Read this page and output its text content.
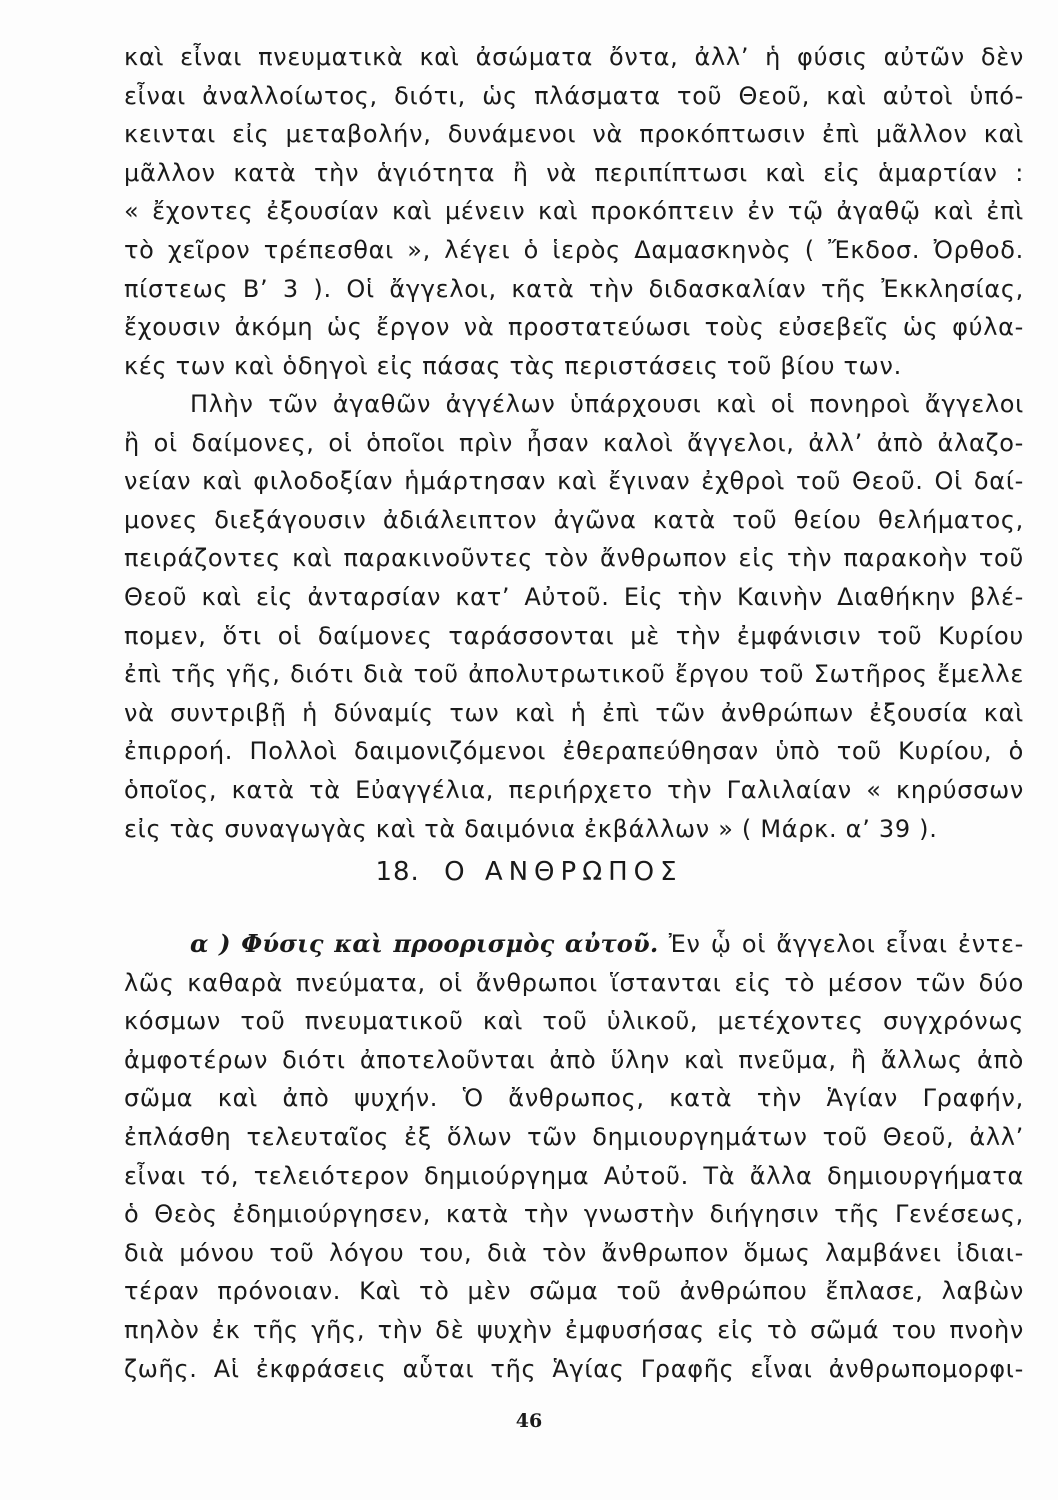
καὶ εἶναι πνευματικὰ καὶ ἀσώματα ὄντα, ἀλλ’ ἡ φύσις αὐτῶν δὲν
εἶναι ἀναλλοίωτος, διότι, ὡς πλάσματα τοῦ Θεοῦ, καὶ αὐτοὶ ὑπό-
κεινται εἰς μεταβολήν, δυνάμενοι νὰ προκόπτωσιν ἐπὶ μᾶλλον καὶ
μᾶλλον κατὰ τὴν ἁγιότητα ἢ νὰ περιπίπτωσι καὶ εἰς ἁμαρτίαν :
« ἔχοντες ἐξουσίαν καὶ μένειν καὶ προκόπτειν ἐν τῷ ἀγαθῷ καὶ ἐπὶ
τὸ χεῖρον τρέπεσθαι », λέγει ὁ ἱερὸς Δαμασκηνὸς ( Ἔκδοσ. Ὀρθοδ.
πίστεως Β’ 3 ). Οἱ ἄγγελοι, κατὰ τὴν διδασκαλίαν τῆς Ἐκκλησίας,
ἔχουσιν ἀκόμη ὡς ἔργον νὰ προστατεύωσι τοὺς εὐσεβεῖς ὡς φύλα-
κές των καὶ ὁδηγοὶ εἰς πάσας τὰς περιστάσεις τοῦ βίου των.
Πλὴν τῶν ἀγαθῶν ἀγγέλων ὑπάρχουσι καὶ οἱ πονηροὶ ἄγγελοι
ἢ οἱ δαίμονες, οἱ ὁποῖοι πρὶν ἦσαν καλοὶ ἄγγελοι, ἀλλ’ ἀπὸ ἀλαζο-
νείαν καὶ φιλοδοξίαν ἡμάρτησαν καὶ ἔγιναν ἐχθροὶ τοῦ Θεοῦ. Οἱ δαί-
μονες διεξάγουσιν ἀδιάλειπτον ἀγῶνα κατὰ τοῦ θείου θελήματος,
πειράζοντες καὶ παρακινοῦντες τὸν ἄνθρωπον εἰς τὴν παρακοὴν τοῦ
Θεοῦ καὶ εἰς ἀνταρσίαν κατ’ Αὐτοῦ. Εἰς τὴν Καινὴν Διαθήκην βλέ-
πομεν, ὅτι οἱ δαίμονες ταράσσονται μὲ τὴν ἐμφάνισιν τοῦ Κυρίου
ἐπὶ τῆς γῆς, διότι διὰ τοῦ ἀπολυτρωτικοῦ ἔργου τοῦ Σωτῆρος ἔμελλε
νὰ συντριβῇ ἡ δύναμίς των καὶ ἡ ἐπὶ τῶν ἀνθρώπων ἐξουσία καὶ
ἐπιρροή. Πολλοὶ δαιμονιζόμενοι ἐθεραπεύθησαν ὑπὸ τοῦ Κυρίου, ὁ
ὁποῖος, κατὰ τὰ Εὐαγγέλια, περιήρχετο τὴν Γαλιλαίαν « κηρύσσων
εἰς τὰς συναγωγὰς καὶ τὰ δαιμόνια ἐκβάλλων » ( Μάρκ. α’ 39 ).
18. Ο ΑΝΘΡΩΠΟΣ
α ) Φύσις καὶ προορισμὸς αὐτοῦ. Ἐν ᾧ οἱ ἄγγελοι εἶναι ἐντε-
λῶς καθαρὰ πνεύματα, οἱ ἄνθρωποι ἵστανται εἰς τὸ μέσον τῶν δύο
κόσμων τοῦ πνευματικοῦ καὶ τοῦ ὑλικοῦ, μετέχοντες συγχρόνως
ἀμφοτέρων διότι ἀποτελοῦνται ἀπὸ ὕλην καὶ πνεῦμα, ἢ ἄλλως ἀπὸ
σῶμα καὶ ἀπὸ ψυχήν. Ὁ ἄνθρωπος, κατὰ τὴν Ἁγίαν Γραφήν,
ἐπλάσθη τελευταῖος ἐξ ὅλων τῶν δημιουργημάτων τοῦ Θεοῦ, ἀλλ’
εἶναι τό, τελειότερον δημιούργημα Αὐτοῦ. Τὰ ἄλλα δημιουργήματα
ὁ Θεὸς ἐδημιούργησεν, κατὰ τὴν γνωστὴν διήγησιν τῆς Γενέσεως,
διὰ μόνου τοῦ λόγου του, διὰ τὸν ἄνθρωπον ὅμως λαμβάνει ἰδιαι-
τέραν πρόνοιαν. Καὶ τὸ μὲν σῶμα τοῦ ἀνθρώπου ἔπλασε, λαβὼν
πηλὸν ἐκ τῆς γῆς, τὴν δὲ ψυχὴν ἐμφυσήσας εἰς τὸ σῶμά του πνοὴν
ζωῆς. Αἱ ἐκφράσεις αὗται τῆς Ἁγίας Γραφῆς εἶναι ἀνθρωπομορφι-
46
